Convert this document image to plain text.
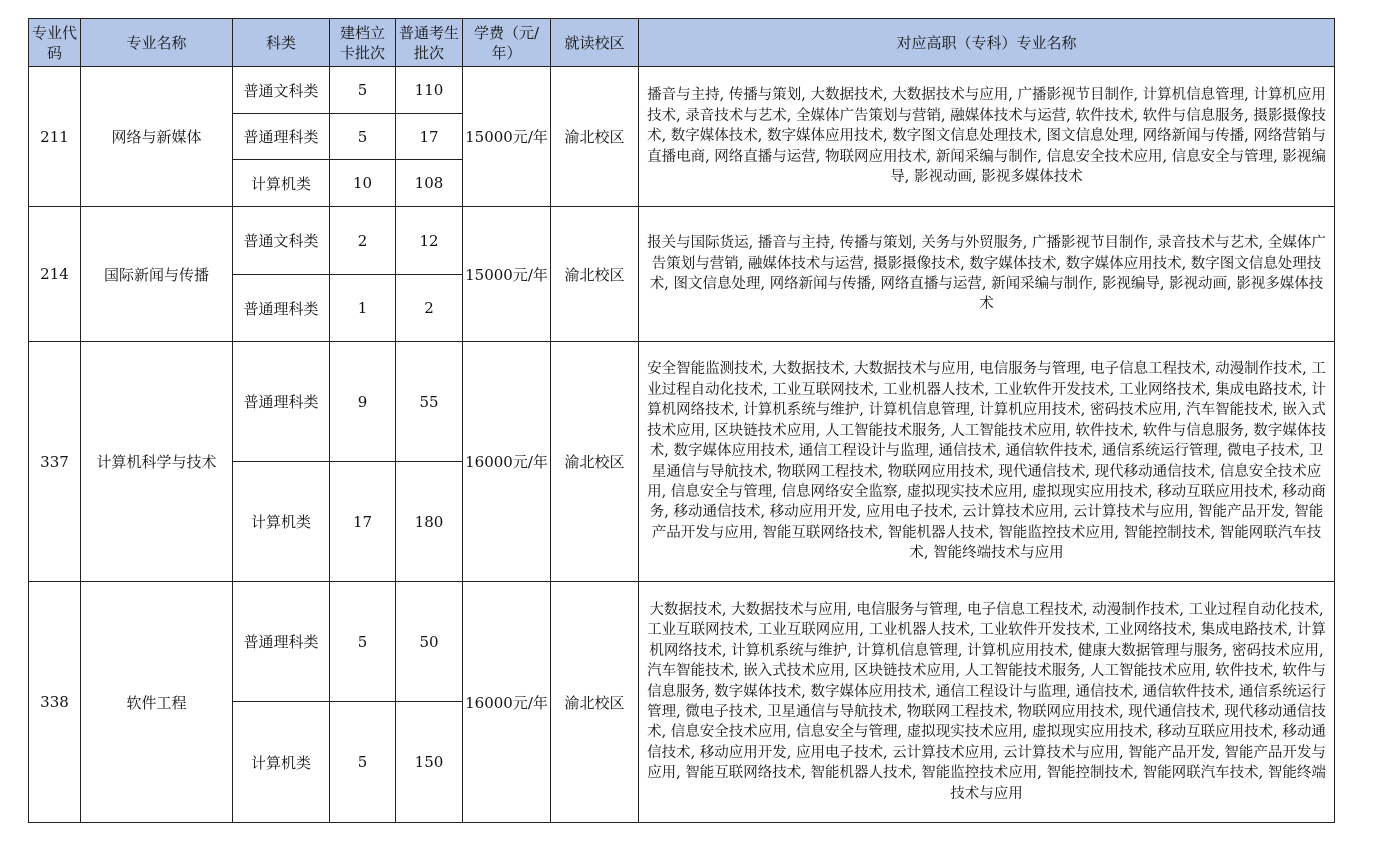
专业代码	专业名称	科类	建档立卡批次	普通考生批次	学费（元/年）	就读校区	对应高职（专科）专业名称
211	网络与新媒体	普通文科类	5	110	15000元/年	渝北校区	播音与主持, 传播与策划, 大数据技术, 大数据技术与应用, 广播影视节目制作, 计算机信息管理, 计算机应用技术, 录音技术与艺术, 全媒体广告策划与营销, 融媒体技术与运营, 软件技术, 软件与信息服务, 摄影摄像技术, 数字媒体技术, 数字媒体应用技术, 数字图文信息处理技术, 图文信息处理, 网络新闻与传播, 网络营销与直播电商, 网络直播与运营, 物联网应用技术, 新闻采编与制作, 信息安全技术应用, 信息安全与管理, 影视编导, 影视动画, 影视多媒体技术
		普通理科类	5	17			
		计算机类	10	108			
214	国际新闻与传播	普通文科类	2	12	15000元/年	渝北校区	报关与国际货运, 播音与主持, 传播与策划, 关务与外贸服务, 广播影视节目制作, 录音技术与艺术, 全媒体广告策划与营销, 融媒体技术与运营, 摄影摄像技术, 数字媒体技术, 数字媒体应用技术, 数字图文信息处理技术, 图文信息处理, 网络新闻与传播, 网络直播与运营, 新闻采编与制作, 影视编导, 影视动画, 影视多媒体技术
		普通理科类	1	2			
337	计算机科学与技术	普通理科类	9	55	16000元/年	渝北校区	安全智能监测技术, 大数据技术, 大数据技术与应用, 电信服务与管理, 电子信息工程技术, 动漫制作技术, 工业过程自动化技术, 工业互联网技术, 工业机器人技术, 工业软件开发技术, 工业网络技术, 集成电路技术, 计算机网络技术, 计算机系统与维护, 计算机信息管理, 计算机应用技术, 密码技术应用, 汽车智能技术, 嵌入式技术应用, 区块链技术应用, 人工智能技术服务, 人工智能技术应用, 软件技术, 软件与信息服务, 数字媒体技术, 数字媒体应用技术, 通信工程设计与监理, 通信技术, 通信软件技术, 通信系统运行管理, 微电子技术, 卫星通信与导航技术, 物联网工程技术, 物联网应用技术, 现代通信技术, 现代移动通信技术, 信息安全技术应用, 信息安全与管理, 信息网络安全监察, 虚拟现实技术应用, 虚拟现实应用技术, 移动互联应用技术, 移动商务, 移动通信技术, 移动应用开发, 应用电子技术, 云计算技术应用, 云计算技术与应用, 智能产品开发, 智能产品开发与应用, 智能互联网络技术, 智能机器人技术, 智能监控技术应用, 智能控制技术, 智能网联汽车技术, 智能终端技术与应用
		计算机类	17	180			
338	软件工程	普通理科类	5	50	16000元/年	渝北校区	大数据技术, 大数据技术与应用, 电信服务与管理, 电子信息工程技术, 动漫制作技术, 工业过程自动化技术, 工业互联网技术, 工业互联网应用, 工业机器人技术, 工业软件开发技术, 工业网络技术, 集成电路技术, 计算机网络技术, 计算机系统与维护, 计算机信息管理, 计算机应用技术, 健康大数据管理与服务, 密码技术应用, 汽车智能技术, 嵌入式技术应用, 区块链技术应用, 人工智能技术服务, 人工智能技术应用, 软件技术, 软件与信息服务, 数字媒体技术, 数字媒体应用技术, 通信工程设计与监理, 通信技术, 通信软件技术, 通信系统运行管理, 微电子技术, 卫星通信与导航技术, 物联网工程技术, 物联网应用技术, 现代通信技术, 现代移动通信技术, 信息安全技术应用, 信息安全与管理, 虚拟现实技术应用, 虚拟现实应用技术, 移动互联应用技术, 移动通信技术, 移动应用开发, 应用电子技术, 云计算技术应用, 云计算技术与应用, 智能产品开发, 智能产品开发与应用, 智能互联网络技术, 智能机器人技术, 智能监控技术应用, 智能控制技术, 智能网联汽车技术, 智能终端技术与应用
		计算机类	5	150			
